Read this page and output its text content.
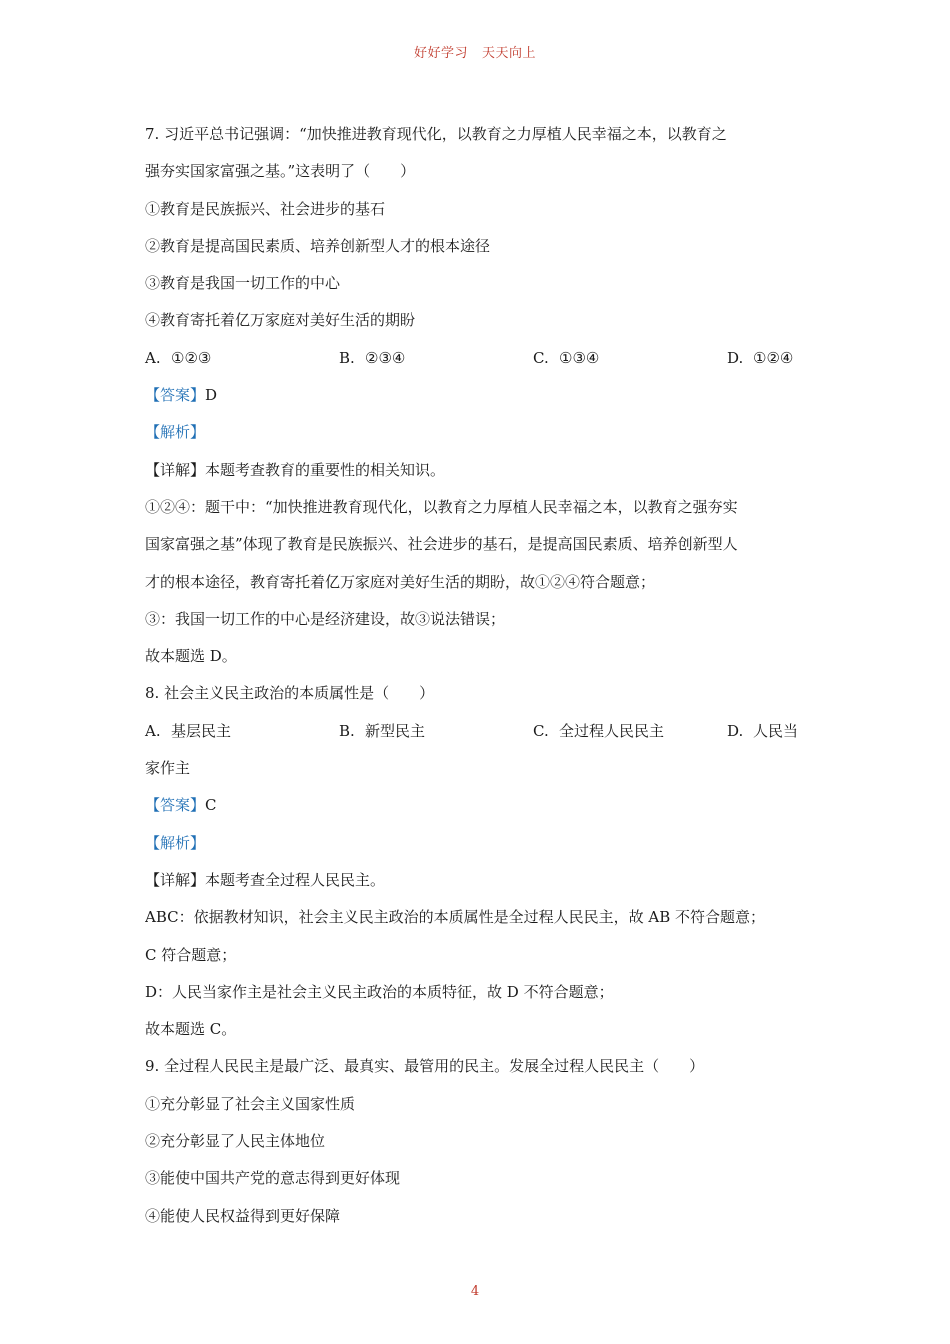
好好学习 天天向上
7. 习近平总书记强调：“加快推进教育现代化，以教育之力厚植人民幸福之本，以教育之
强夯实国家富强之基。”这表明了（　　）
①教育是民族振兴、社会进步的基石
②教育是提高国民素质、培养创新型人才的根本途径
③教育是我国一切工作的中心
④教育寄托着亿万家庭对美好生活的期盼
A. ①②③	B. ②③④	C. ①③④	D. ①②④
【答案】D
【解析】
【详解】本题考查教育的重要性的相关知识。
①②④：题干中：“加快推进教育现代化，以教育之力厚植人民幸福之本，以教育之强夯实
国家富强之基”体现了教育是民族振兴、社会进步的基石，是提高国民素质、培养创新型人
才的根本途径，教育寄托着亿万家庭对美好生活的期盼，故①②④符合题意；
③：我国一切工作的中心是经济建设，故③说法错误；
故本题选 D。
8. 社会主义民主政治的本质属性是（　　）
A. 基层民主	B. 新型民主	C. 全过程人民民主	D. 人民当
家作主
【答案】C
【解析】
【详解】本题考查全过程人民民主。
ABC：依据教材知识，社会主义民主政治的本质属性是全过程人民民主，故 AB 不符合题意；
C 符合题意；
D：人民当家作主是社会主义民主政治的本质特征，故 D 不符合题意；
故本题选 C。
9. 全过程人民民主是最广泛、最真实、最管用的民主。发展全过程人民民主（　　）
①充分彰显了社会主义国家性质
②充分彰显了人民主体地位
③能使中国共产党的意志得到更好体现
④能使人民权益得到更好保障
4
